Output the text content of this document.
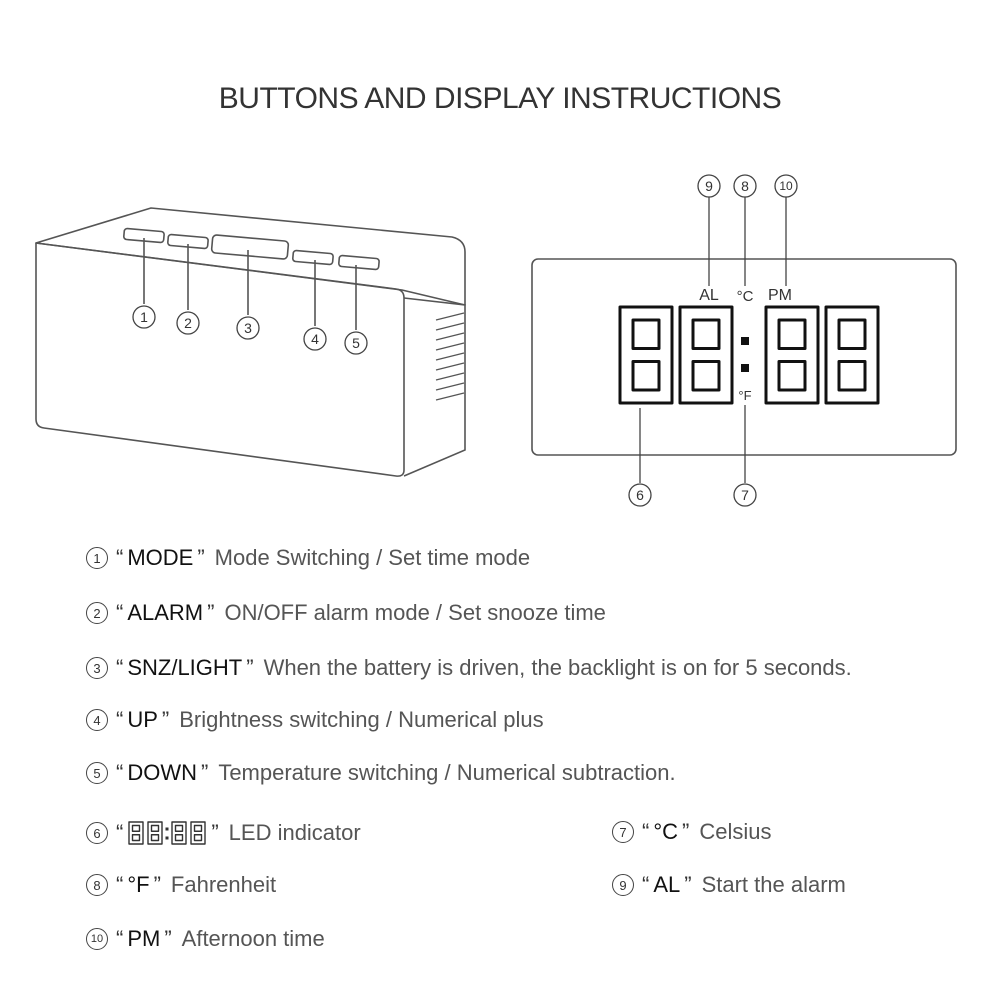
BUTTONS AND DISPLAY INSTRUCTIONS
1	2	3
4 5
AL °C PM
°F
9 8	10
6	7
1 “ MODE ” Mode Switching / Set time mode
2 “ ALARM ” ON/OFF alarm mode / Set snooze time
3 “ SNZ/LIGHT ” When the battery is driven, the backlight is on for 5 seconds.
4 “ UP ” Brightness switching / Numerical plus
5 “ DOWN ” Temperature switching / Numerical subtraction.
6 “	” LED indicator	7 “ °C ” Celsius
8 “ °F ” Fahrenheit	9 “ AL ” Start the alarm
10 “ PM ” Afternoon time
